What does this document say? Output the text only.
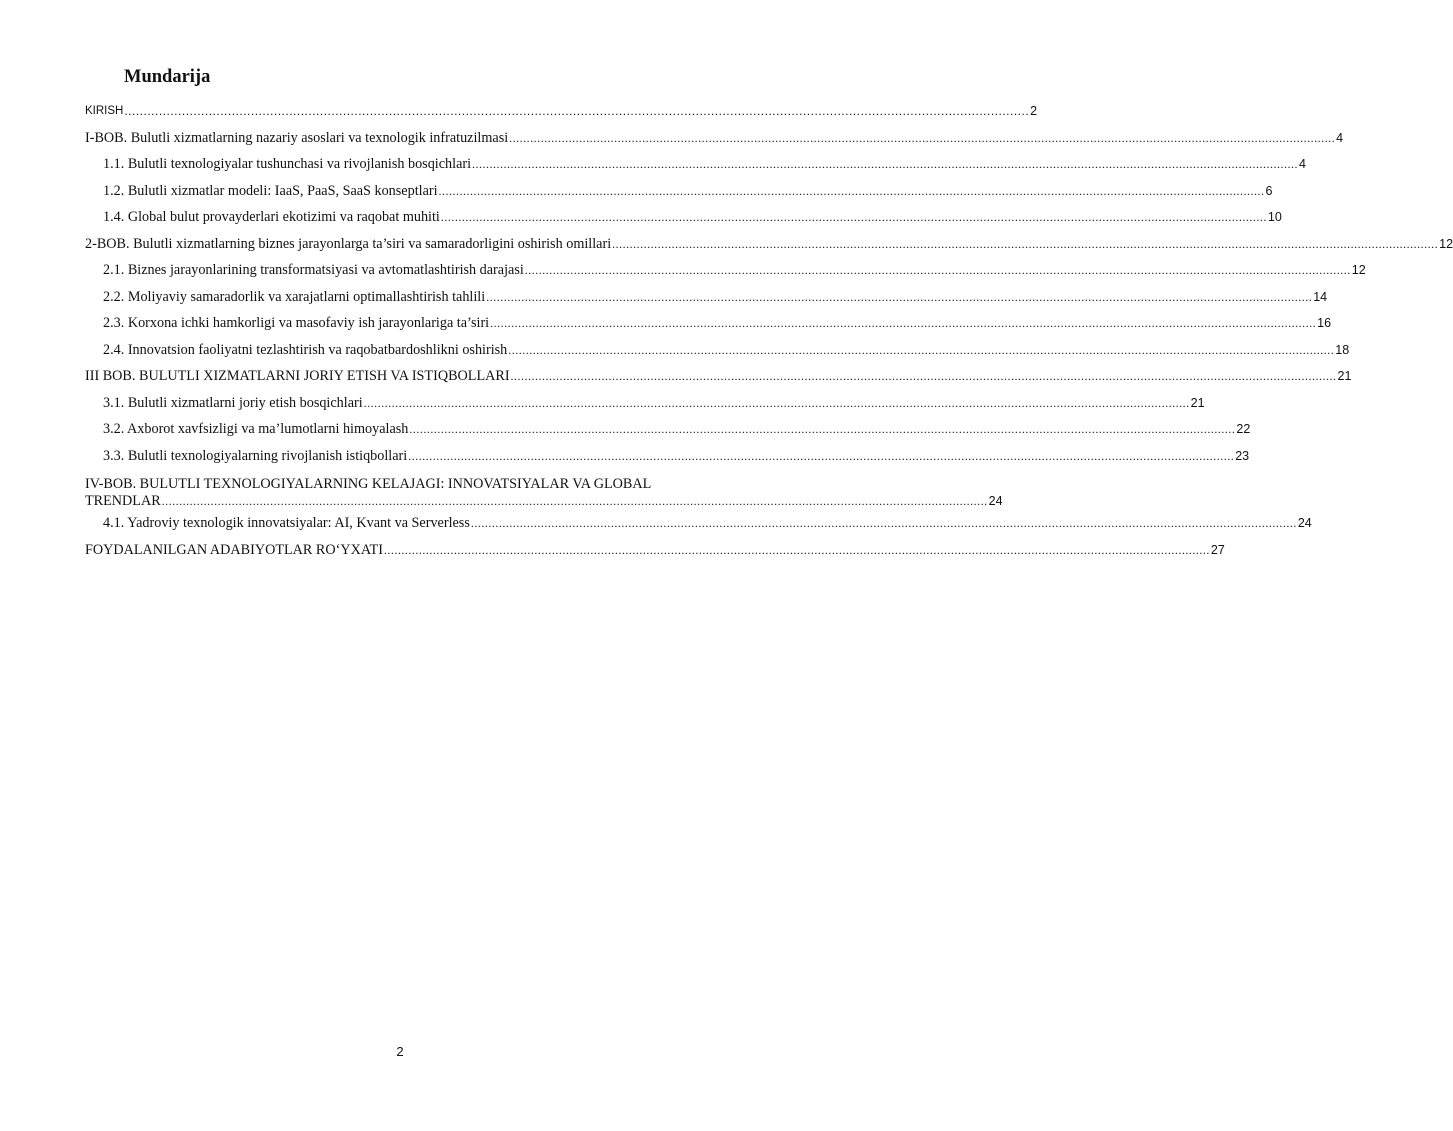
Mundarija
KIRISH .....	2
I-BOB. Bulutli xizmatlarning nazariy asoslari va texnologik infratuzilmasi .....	4
1.1. Bulutli texnologiyalar tushunchasi va rivojlanish bosqichlari .....	4
1.2. Bulutli xizmatlar modeli: IaaS, PaaS, SaaS konseptlari .....	6
1.4. Global bulut provayderlari ekotizimi va raqobat muhiti .....	10
2-BOB. Bulutli xizmatlarning biznes jarayonlarga ta’siri va samaradorligini oshirish omillari .....	12
2.1. Biznes jarayonlarining transformatsiyasi va avtomatlashtirish darajasi .....	12
2.2. Moliyaviy samaradorlik va xarajatlarni optimallashtirish tahlili .....	14
2.3. Korxona ichki hamkorligi va masofaviy ish jarayonlariga ta’siri .....	16
2.4. Innovatsion faoliyatni tezlashtirish va raqobatbardoshlikni oshirish .....	18
III BOB. BULUTLI XIZMATLARNI JORIY ETISH VA ISTIQBOLLARI .....	21
3.1. Bulutli xizmatlarni joriy etish bosqichlari .....	21
3.2. Axborot xavfsizligi va ma’lumotlarni himoyalash .....	22
3.3. Bulutli texnologiyalarning rivojlanish istiqbollari .....	23
IV-BOB. BULUTLI TEXNOLOGIYALARNING KELAJAGI: INNOVATSIYALAR VA GLOBAL
TRENDLAR .....	24
4.1. Yadroviy texnologik innovatsiyalar: AI, Kvant va Serverless .....	24
FOYDALANILGAN ADABIYOTLAR RO‘YXATI .....	27
2
